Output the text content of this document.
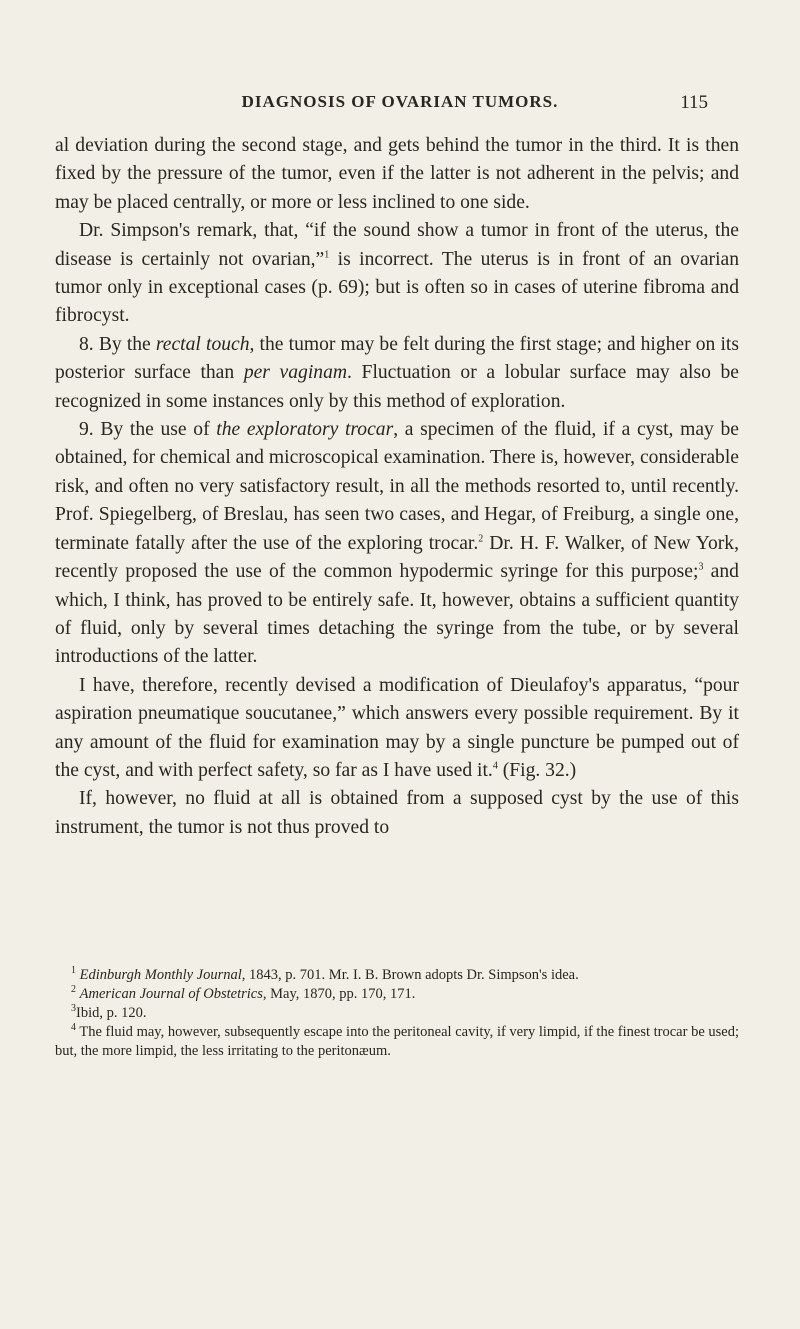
DIAGNOSIS OF OVARIAN TUMORS.	115

al deviation during the second stage, and gets behind the tumor in the third. It is then fixed by the pressure of the tumor, even if the latter is not adherent in the pelvis; and may be placed centrally, or more or less inclined to one side.

Dr. Simpson's remark, that, “if the sound show a tumor in front of the uterus, the disease is certainly not ovarian,”$^1$ is incorrect. The uterus is in front of an ovarian tumor only in exceptional cases (p. 69); but is often so in cases of uterine fibroma and fibrocyst.

8. By the rectal touch, the tumor may be felt during the first stage; and higher on its posterior surface than per vaginam. Fluctuation or a lobular surface may also be recognized in some instances only by this method of exploration.

9. By the use of the exploratory trocar, a specimen of the fluid, if a cyst, may be obtained, for chemical and microscopical examination. There is, however, considerable risk, and often no very satisfactory result, in all the methods resorted to, until recently. Prof. Spiegelberg, of Breslau, has seen two cases, and Hegar, of Freiburg, a single one, terminate fatally after the use of the exploring trocar.$^2$ Dr. H. F. Walker, of New York, recently proposed the use of the common hypodermic syringe for this purpose;$^3$ and which, I think, has proved to be entirely safe. It, however, obtains a sufficient quantity of fluid, only by several times detaching the syringe from the tube, or by several introductions of the latter.

I have, therefore, recently devised a modification of Dieulafoy's apparatus, “pour aspiration pneumatique soucutanee,” which answers every possible requirement. By it any amount of the fluid for examination may by a single puncture be pumped out of the cyst, and with perfect safety, so far as I have used it.$^4$ (Fig. 32.)

If, however, no fluid at all is obtained from a supposed cyst by the use of this instrument, the tumor is not thus proved to

$^1$ Edinburgh Monthly Journal, 1843, p. 701. Mr. I. B. Brown adopts Dr. Simpson's idea.

$^2$ American Journal of Obstetrics, May, 1870, pp. 170, 171.

$^3$Ibid, p. 120.

$^4$ The fluid may, however, subsequently escape into the peritoneal cavity, if very limpid, if the finest trocar be used; but, the more limpid, the less irritating to the peritonæum.
